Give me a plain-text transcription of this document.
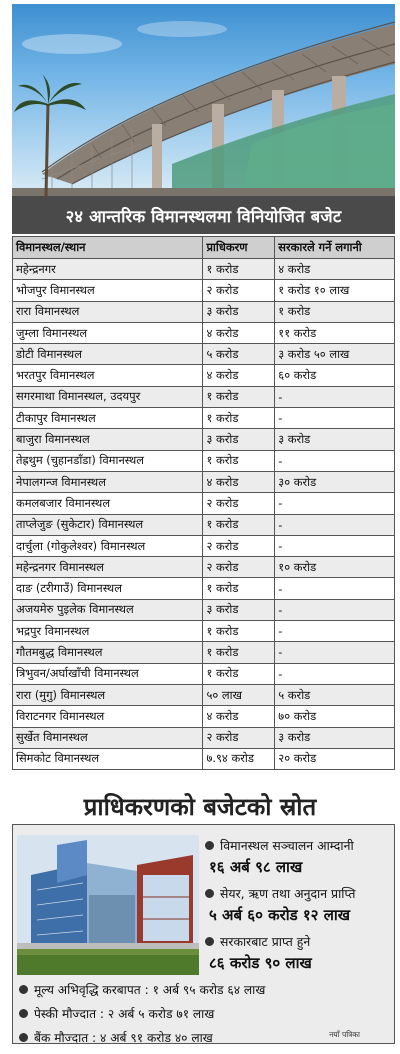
२४ आन्तरिक विमानस्थलमा विनियोजित बजेट
विमानस्थल/स्थान	प्राधिकरण	सरकारले गर्ने लगानी
महेन्द्रनगर	१ करोड	४ करोड
भोजपुर विमानस्थल	२ करोड	१ करोड १० लाख
रारा विमानस्थल	३ करोड	१ करोड
जुम्ला विमानस्थल	४ करोड	११ करोड
डोटी विमानस्थल	५ करोड	३ करोड ५० लाख
भरतपुर विमानस्थल	४ करोड	६० करोड
सगरमाथा विमानस्थल, उदयपुर	१ करोड	-
टीकापुर विमानस्थल	१ करोड	-
बाजुरा विमानस्थल	३ करोड	३ करोड
तेह्रथुम (चुहानडाँडा) विमानस्थल	१ करोड	-
नेपालगन्ज विमानस्थल	४ करोड	३० करोड
कमलबजार विमानस्थल	२ करोड	-
ताप्लेजुङ (सुकेटार) विमानस्थल	१ करोड	-
दार्चुला (गोकुलेश्वर) विमानस्थल	२ करोड	-
महेन्द्रनगर विमानस्थल	२ करोड	१० करोड
दाङ (टरीगाउँ) विमानस्थल	१ करोड	-
अजयमेरु पुइलेक विमानस्थल	३ करोड	-
भद्रपुर विमानस्थल	१ करोड	-
गौतमबुद्ध विमानस्थल	१ करोड	-
त्रिभुवन/अर्घाखाँची विमानस्थल	१ करोड	-
रारा (मुगु) विमानस्थल	५० लाख	५ करोड
विराटनगर विमानस्थल	४ करोड	७० करोड
सुर्खेत विमानस्थल	२ करोड	३ करोड
सिमकोट विमानस्थल	७.९४ करोड	२० करोड
प्राधिकरणको बजेटको स्रोत
विमानस्थल सञ्चालन आम्दानी
१६ अर्ब ९८ लाख
सेयर, ऋण तथा अनुदान प्राप्ति
५ अर्ब ६० करोड १२ लाख
सरकारबाट प्राप्त हुने
८६ करोड ९० लाख
मूल्य अभिवृद्धि करबापत : १ अर्ब ९५ करोड ६४ लाख
पेस्की मौज्दात : २ अर्ब ५ करोड ७१ लाख
बैंक मौज्दात : ४ अर्ब ९१ करोड ४० लाख	नयाँ पत्रिका
